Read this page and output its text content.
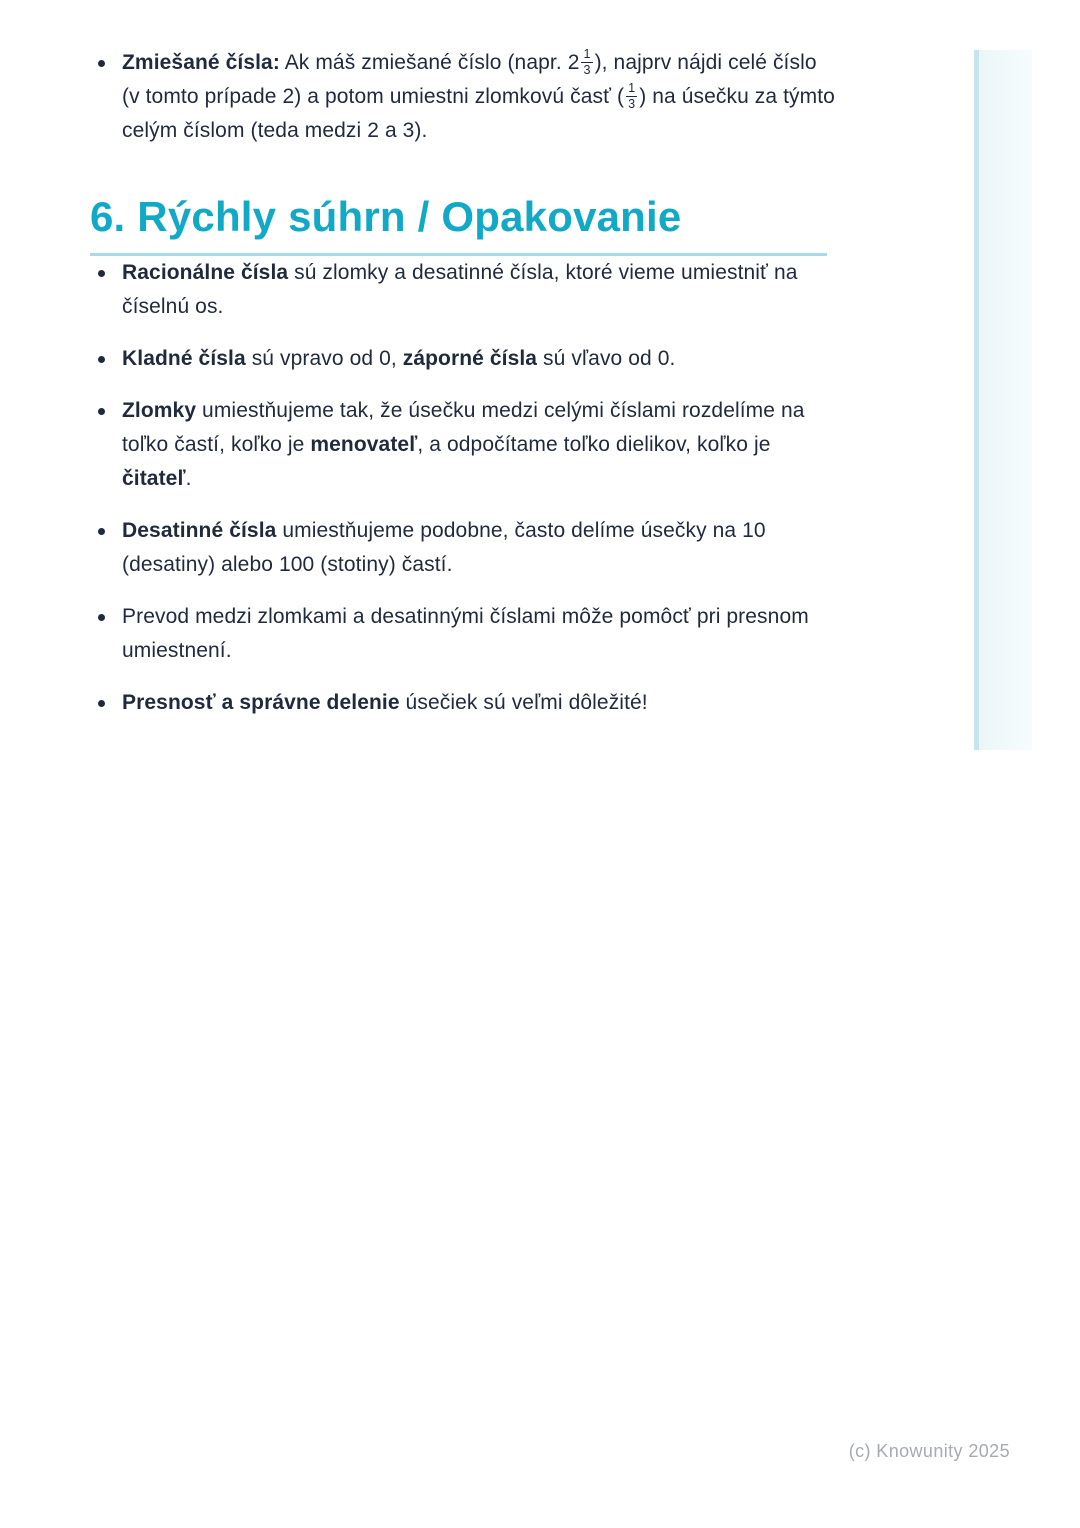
Zmiešané čísla: Ak máš zmiešané číslo (napr. $2 \frac{1}{3}$ ), najprv nájdi celé číslo (v tomto prípade 2) a potom umiestni zlomkovú časť ( $\frac{1}{3}$ ) na úsečku za týmto celým číslom (teda medzi 2 a 3).
6. Rýchly súhrn / Opakovanie
Racionálne čísla sú zlomky a desatinné čísla, ktoré vieme umiestniť na číselnú os.
Kladné čísla sú vpravo od 0, záporné čísla sú vľavo od 0.
Zlomky umiestňujeme tak, že úsečku medzi celými číslami rozdelíme na toľko častí, koľko je menovateľ, a odpočítame toľko dielikov, koľko je čitateľ.
Desatinné čísla umiestňujeme podobne, často delíme úsečky na 10 (desatiny) alebo 100 (stotiny) častí.
Prevod medzi zlomkami a desatinnými číslami môže pomôcť pri presnom umiestnení.
Presnosť a správne delenie úsečiek sú veľmi dôležité!
(c) Knowunity 2025
